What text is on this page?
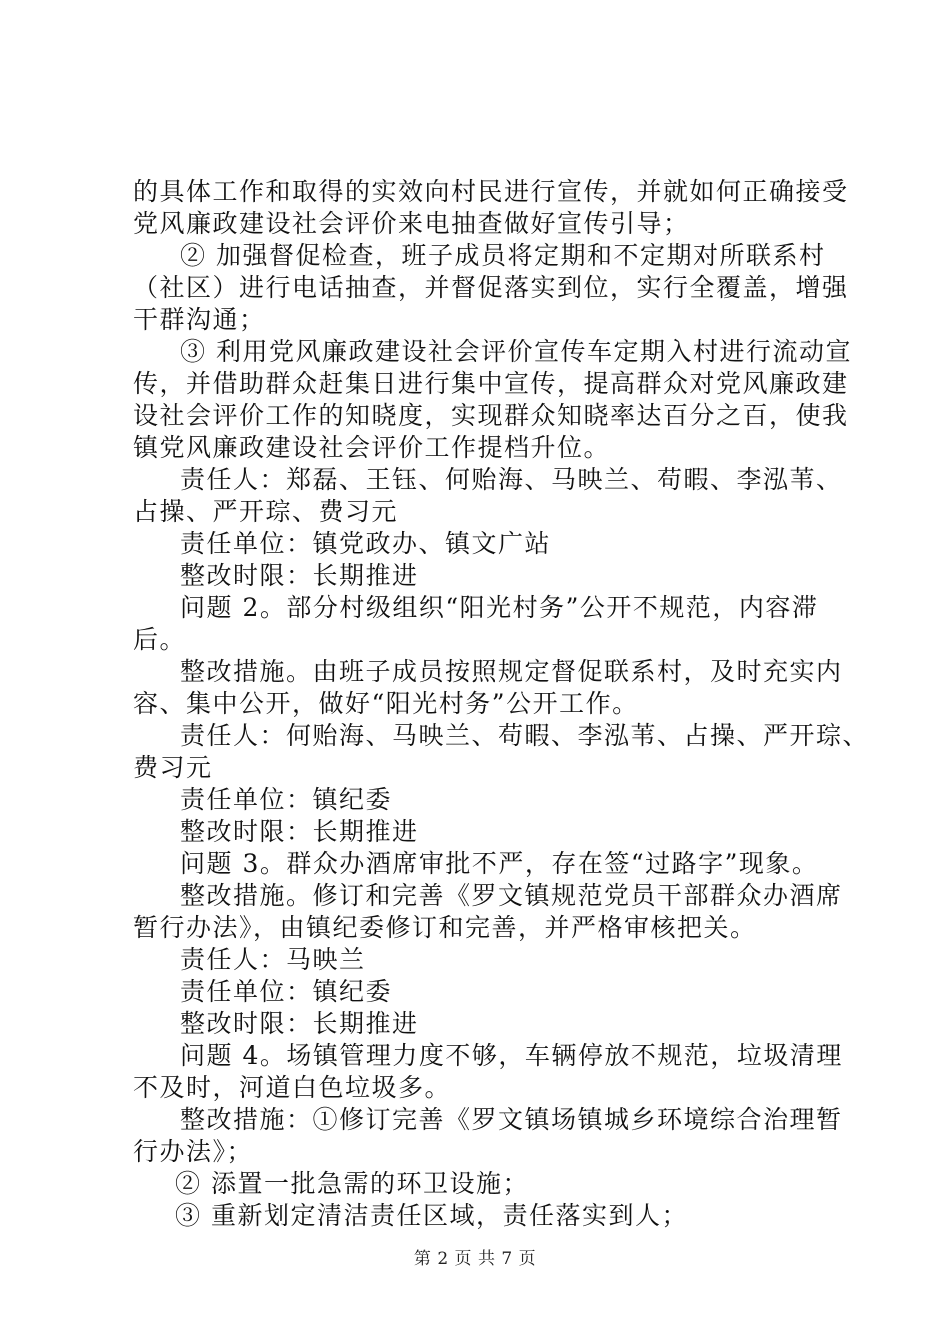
的具体工作和取得的实效向村民进行宣传，并就如何正确接受
党风廉政建设社会评价来电抽查做好宣传引导；
② 加强督促检查，班子成员将定期和不定期对所联系村
（社区）进行电话抽查，并督促落实到位，实行全覆盖，增强
干群沟通；
③ 利用党风廉政建设社会评价宣传车定期入村进行流动宣
传，并借助群众赶集日进行集中宣传，提高群众对党风廉政建
设社会评价工作的知晓度，实现群众知晓率达百分之百，使我
镇党风廉政建设社会评价工作提档升位。
责任人：郑磊、王钰、何贻海、马映兰、苟暇、李泓苇、
占操、严开琮、费习元
责任单位：镇党政办、镇文广站
整改时限：长期推进
问题 2。部分村级组织“阳光村务”公开不规范，内容滞
后。
整改措施。由班子成员按照规定督促联系村，及时充实内
容、集中公开，做好“阳光村务”公开工作。
责任人：何贻海、马映兰、苟暇、李泓苇、占操、严开琮、
费习元
责任单位：镇纪委
整改时限：长期推进
问题 3。群众办酒席审批不严，存在签“过路字”现象。
整改措施。修订和完善《罗文镇规范党员干部群众办酒席
暂行办法》，由镇纪委修订和完善，并严格审核把关。
责任人：马映兰
责任单位：镇纪委
整改时限：长期推进
问题 4。场镇管理力度不够，车辆停放不规范，垃圾清理
不及时，河道白色垃圾多。
整改措施：①修订完善《罗文镇场镇城乡环境综合治理暂
行办法》；
② 添置一批急需的环卫设施；
③ 重新划定清洁责任区域，责任落实到人；
第 2 页 共 7 页
